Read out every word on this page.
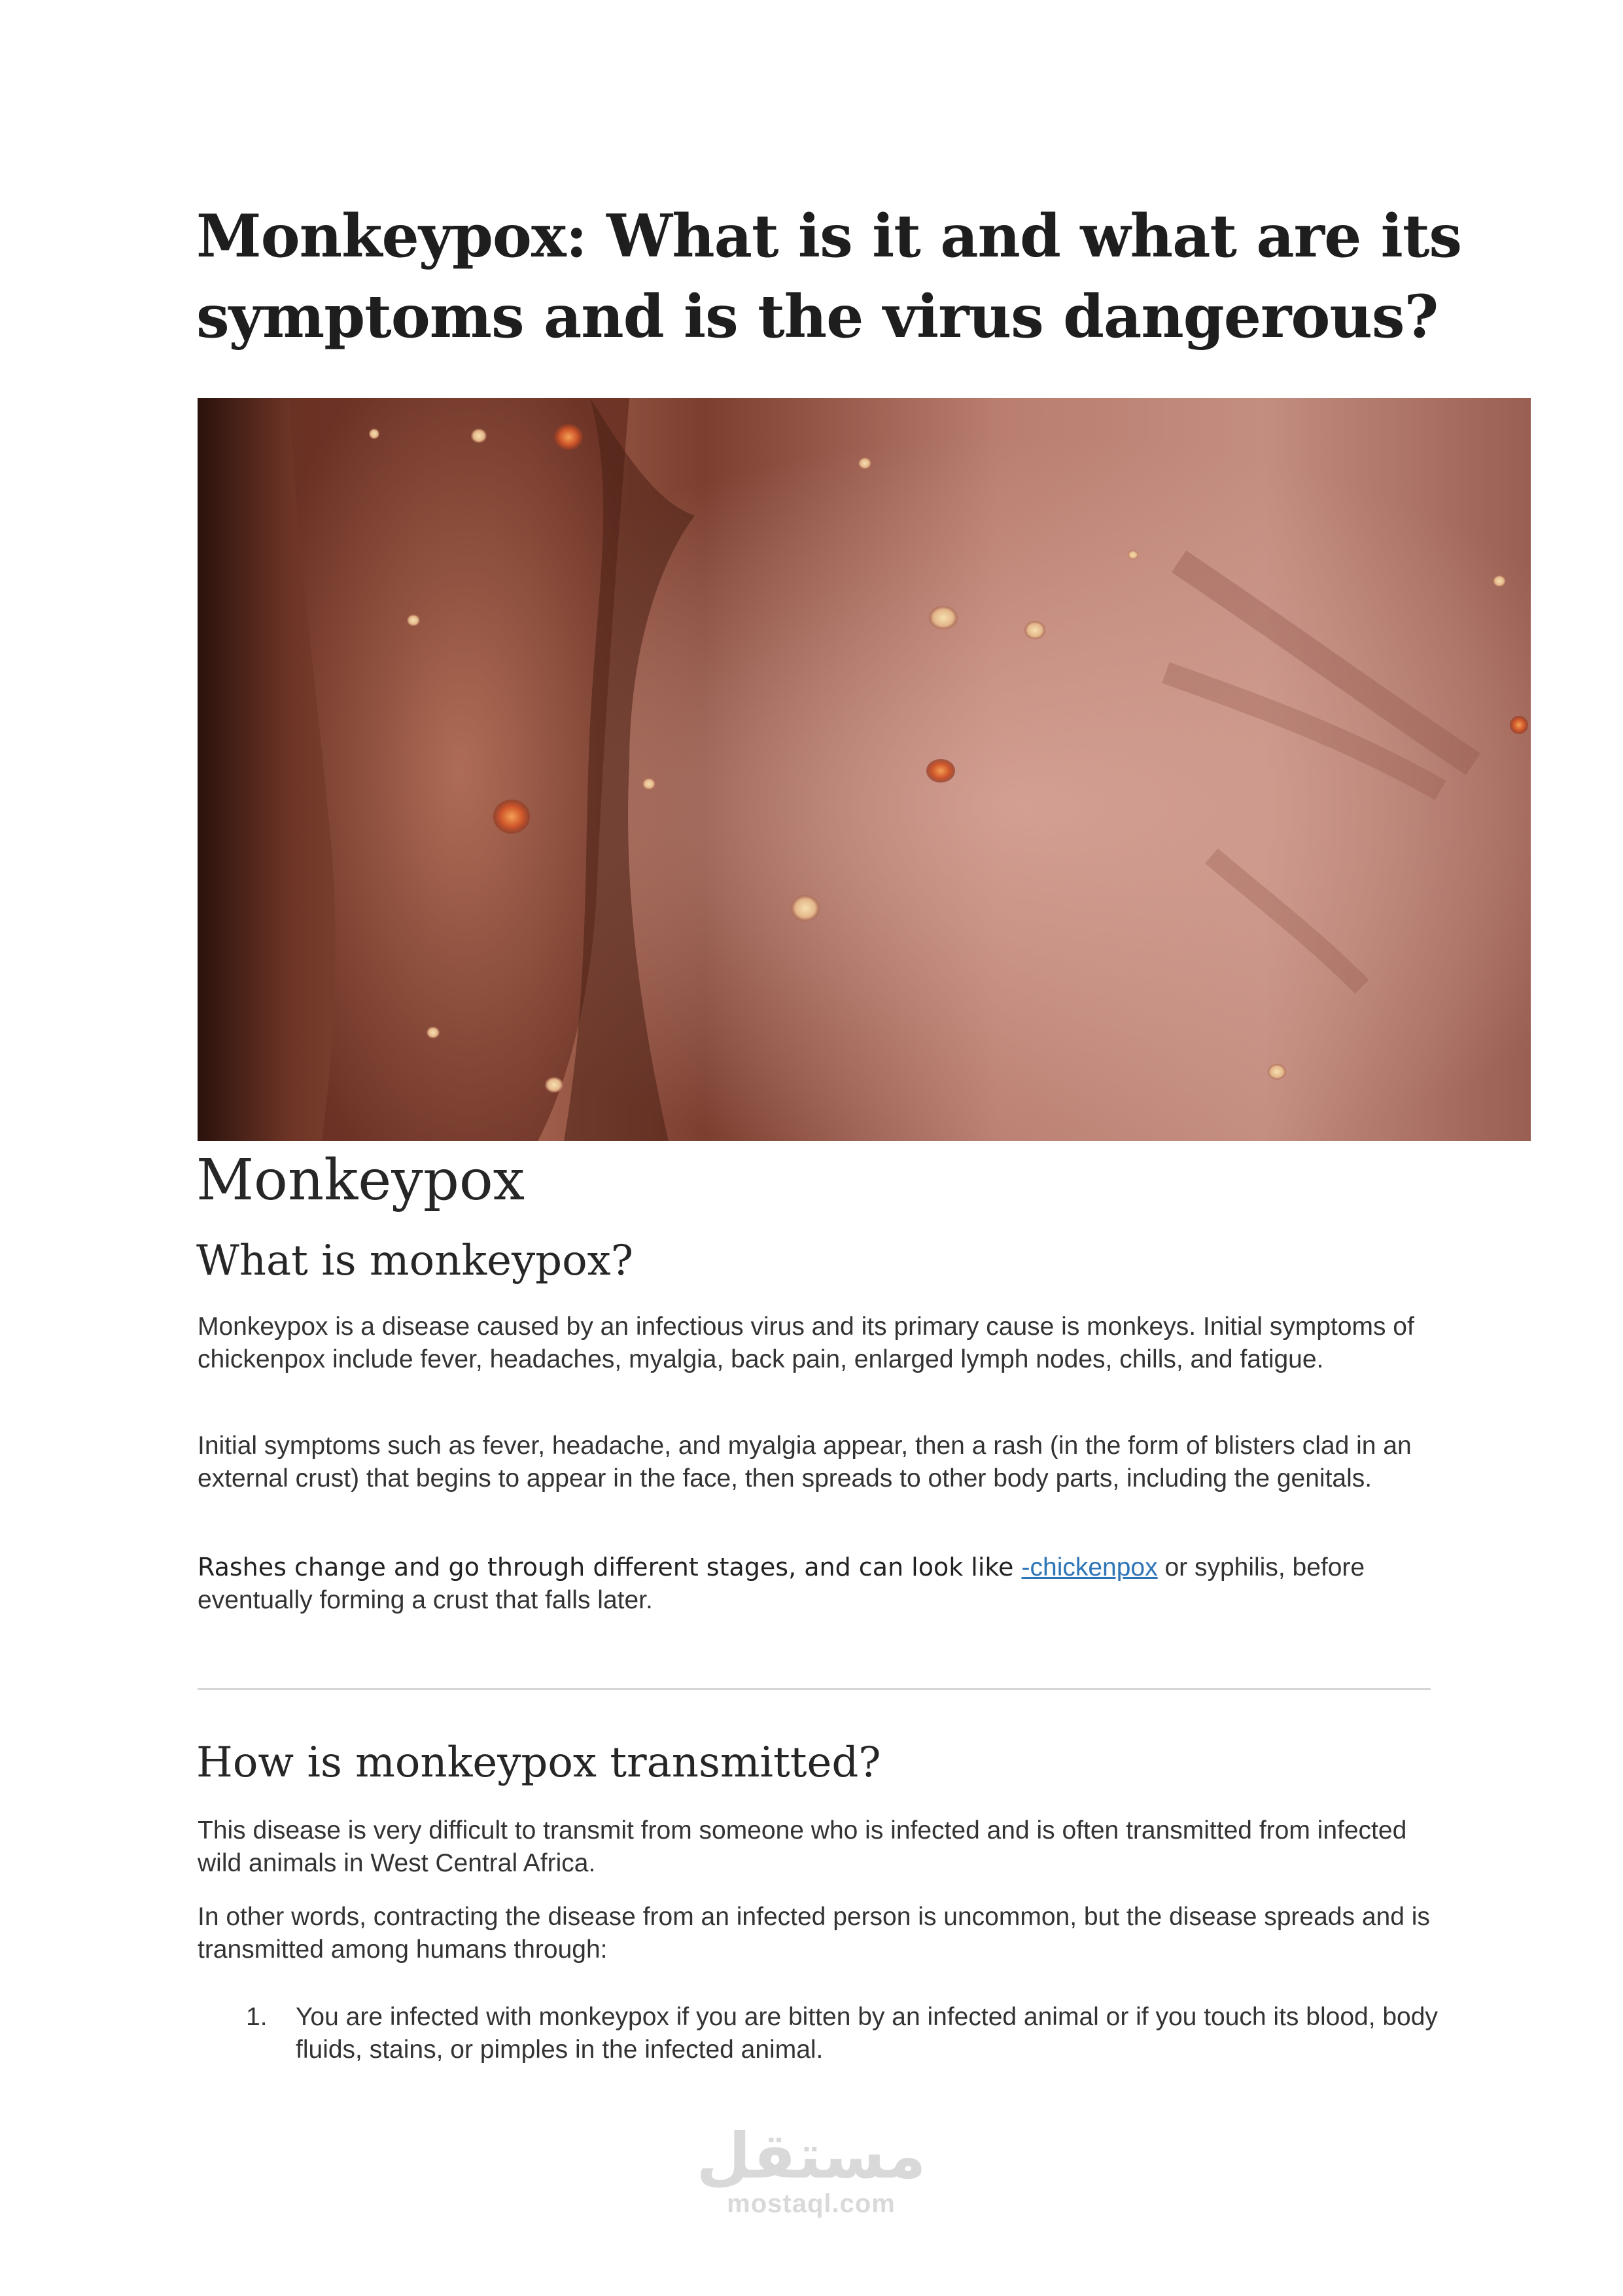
Monkeypox: What is it and what are its symptoms and is the virus dangerous?
Monkeypox
What is monkeypox?

Monkeypox is a disease caused by an infectious virus and its primary cause is monkeys. Initial symptoms of chickenpox include fever, headaches, myalgia, back pain, enlarged lymph nodes, chills, and fatigue.

Initial symptoms such as fever, headache, and myalgia appear, then a rash (in the form of blisters clad in an external crust) that begins to appear in the face, then spreads to other body parts, including the genitals.

Rashes change and go through different stages, and can look like -chickenpox or syphilis, before eventually forming a crust that falls later.

How is monkeypox transmitted?

This disease is very difficult to transmit from someone who is infected and is often transmitted from infected wild animals in West Central Africa.

In other words, contracting the disease from an infected person is uncommon, but the disease spreads and is transmitted among humans through:

1. You are infected with monkeypox if you are bitten by an infected animal or if you touch its blood, body fluids, stains, or pimples in the infected animal.
مستقل
mostaql.com
